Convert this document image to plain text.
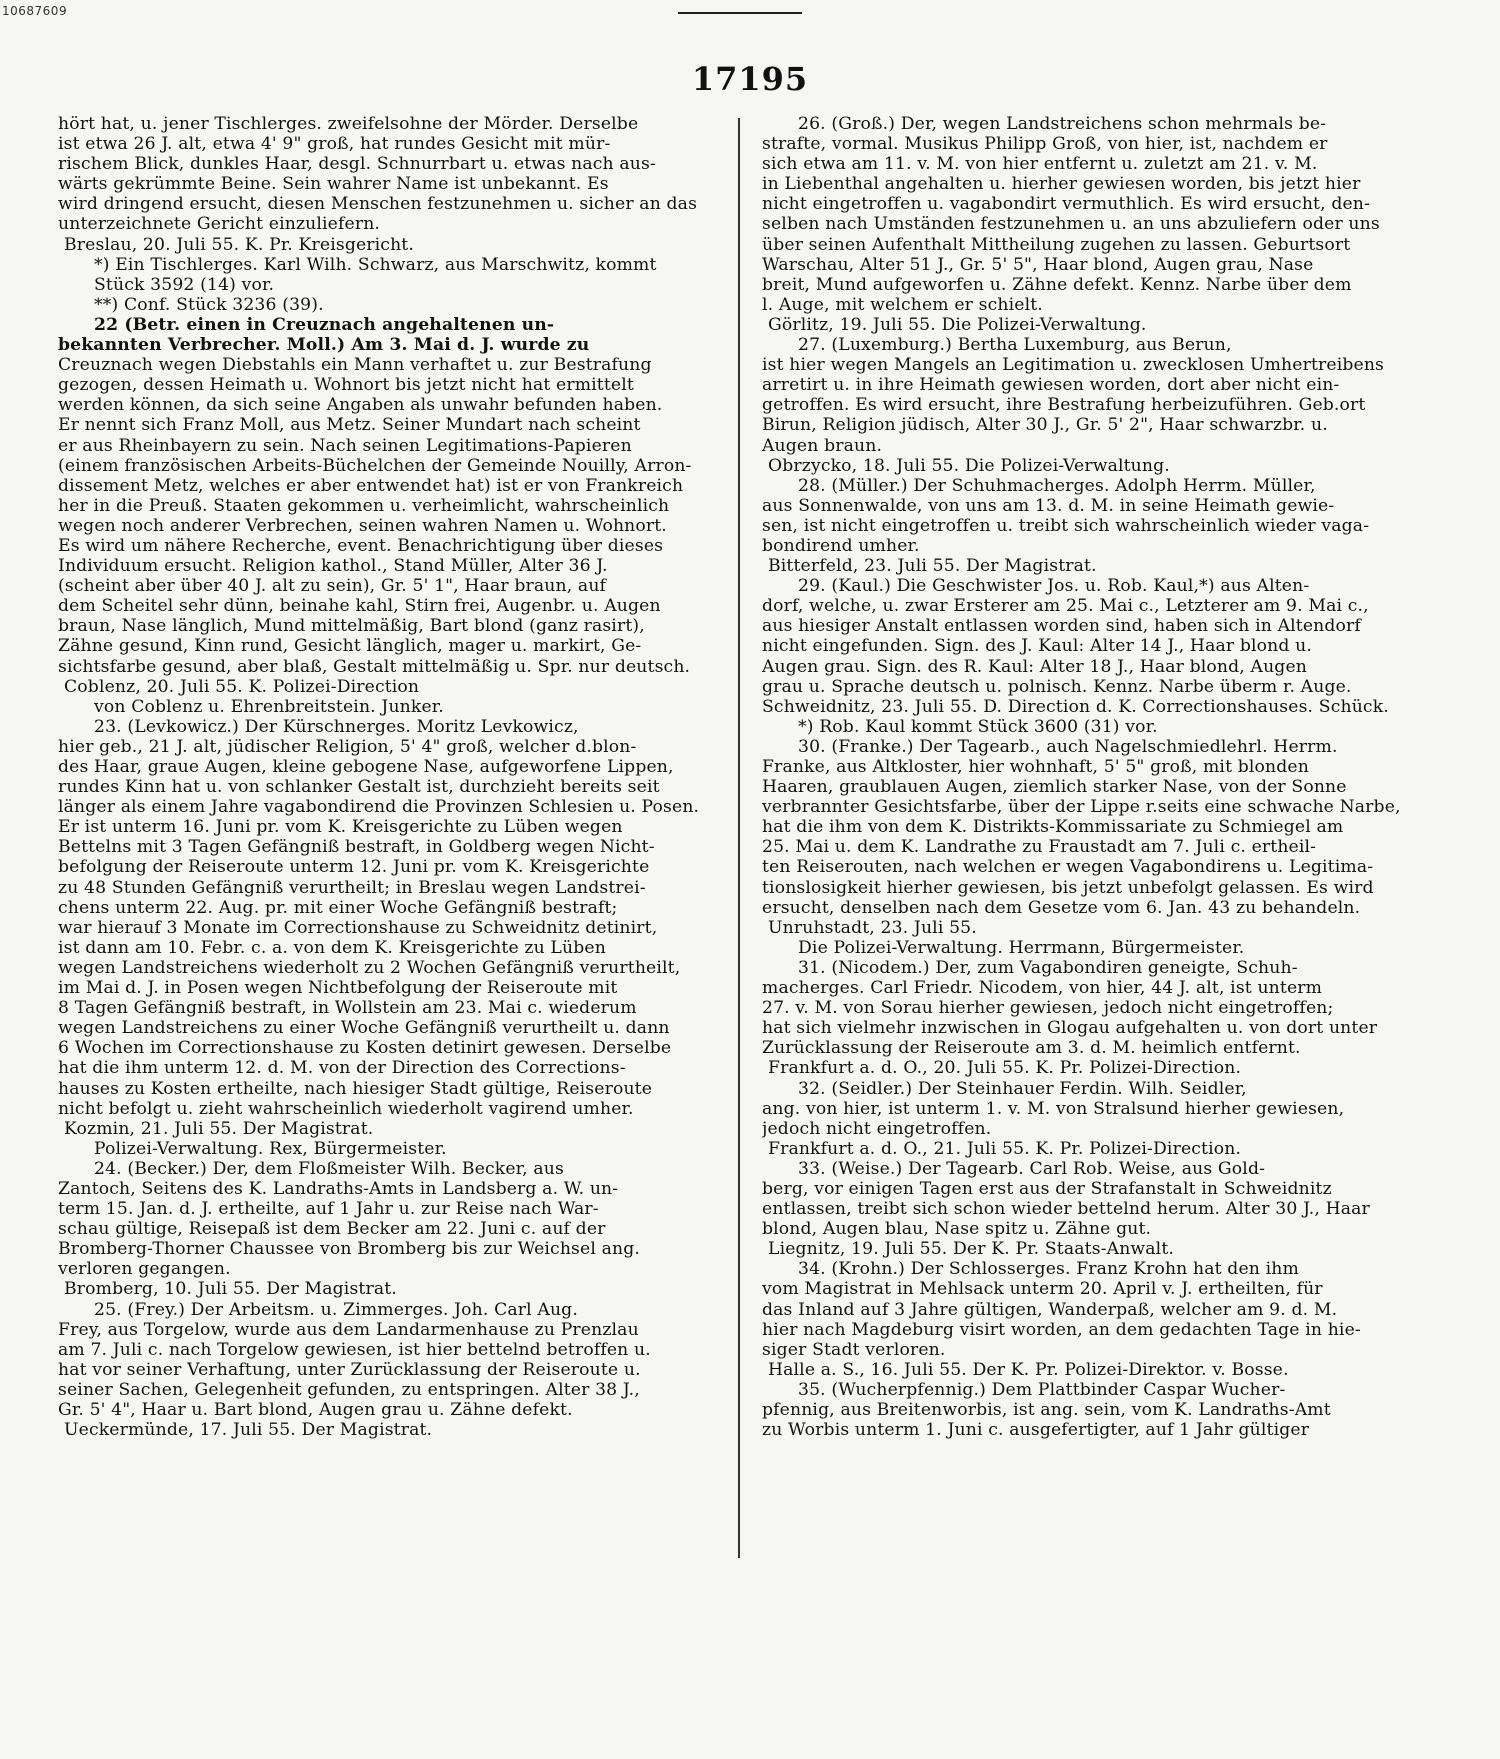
10687609
17195
hört hat, u. jener Tischlerges. zweifelsohne der Mörder. Derselbe
ist etwa 26 J. alt, etwa 4' 9" groß, hat rundes Gesicht mit mür-
rischem Blick, dunkles Haar, desgl. Schnurrbart u. etwas nach aus-
wärts gekrümmte Beine. Sein wahrer Name ist unbekannt. Es
wird dringend ersucht, diesen Menschen festzunehmen u. sicher an das
unterzeichnete Gericht einzuliefern.
Breslau, 20. Juli 55. K. Pr. Kreisgericht.
*) Ein Tischlerges. Karl Wilh. Schwarz, aus Marschwitz, kommt
Stück 3592 (14) vor.
**) Conf. Stück 3236 (39).
22 (Betr. einen in Creuznach angehaltenen un-
bekannten Verbrecher. Moll.) Am 3. Mai d. J. wurde zu
Creuznach wegen Diebstahls ein Mann verhaftet u. zur Bestrafung
gezogen, dessen Heimath u. Wohnort bis jetzt nicht hat ermittelt
werden können, da sich seine Angaben als unwahr befunden haben.
Er nennt sich Franz Moll, aus Metz. Seiner Mundart nach scheint
er aus Rheinbayern zu sein. Nach seinen Legitimations-Papieren
(einem französischen Arbeits-Büchelchen der Gemeinde Nouilly, Arron-
dissement Metz, welches er aber entwendet hat) ist er von Frankreich
her in die Preuß. Staaten gekommen u. verheimlicht, wahrscheinlich
wegen noch anderer Verbrechen, seinen wahren Namen u. Wohnort.
Es wird um nähere Recherche, event. Benachrichtigung über dieses
Individuum ersucht. Religion kathol., Stand Müller, Alter 36 J.
(scheint aber über 40 J. alt zu sein), Gr. 5' 1", Haar braun, auf
dem Scheitel sehr dünn, beinahe kahl, Stirn frei, Augenbr. u. Augen
braun, Nase länglich, Mund mittelmäßig, Bart blond (ganz rasirt),
Zähne gesund, Kinn rund, Gesicht länglich, mager u. markirt, Ge-
sichtsfarbe gesund, aber blaß, Gestalt mittelmäßig u. Spr. nur deutsch.
Coblenz, 20. Juli 55. K. Polizei-Direction
von Coblenz u. Ehrenbreitstein. Junker.
23. (Levkowicz.) Der Kürschnerges. Moritz Levkowicz,
hier geb., 21 J. alt, jüdischer Religion, 5' 4" groß, welcher d.blon-
des Haar, graue Augen, kleine gebogene Nase, aufgeworfene Lippen,
rundes Kinn hat u. von schlanker Gestalt ist, durchzieht bereits seit
länger als einem Jahre vagabondirend die Provinzen Schlesien u. Posen.
Er ist unterm 16. Juni pr. vom K. Kreisgerichte zu Lüben wegen
Bettelns mit 3 Tagen Gefängniß bestraft, in Goldberg wegen Nicht-
befolgung der Reiseroute unterm 12. Juni pr. vom K. Kreisgerichte
zu 48 Stunden Gefängniß verurtheilt; in Breslau wegen Landstrei-
chens unterm 22. Aug. pr. mit einer Woche Gefängniß bestraft;
war hierauf 3 Monate im Correctionshause zu Schweidnitz detinirt,
ist dann am 10. Febr. c. a. von dem K. Kreisgerichte zu Lüben
wegen Landstreichens wiederholt zu 2 Wochen Gefängniß verurtheilt,
im Mai d. J. in Posen wegen Nichtbefolgung der Reiseroute mit
8 Tagen Gefängniß bestraft, in Wollstein am 23. Mai c. wiederum
wegen Landstreichens zu einer Woche Gefängniß verurtheilt u. dann
6 Wochen im Correctionshause zu Kosten detinirt gewesen. Derselbe
hat die ihm unterm 12. d. M. von der Direction des Corrections-
hauses zu Kosten ertheilte, nach hiesiger Stadt gültige, Reiseroute
nicht befolgt u. zieht wahrscheinlich wiederholt vagirend umher.
Kozmin, 21. Juli 55. Der Magistrat.
Polizei-Verwaltung. Rex, Bürgermeister.
24. (Becker.) Der, dem Floßmeister Wilh. Becker, aus
Zantoch, Seitens des K. Landraths-Amts in Landsberg a. W. un-
term 15. Jan. d. J. ertheilte, auf 1 Jahr u. zur Reise nach War-
schau gültige, Reisepaß ist dem Becker am 22. Juni c. auf der
Bromberg-Thorner Chaussee von Bromberg bis zur Weichsel ang.
verloren gegangen.
Bromberg, 10. Juli 55. Der Magistrat.
25. (Frey.) Der Arbeitsm. u. Zimmerges. Joh. Carl Aug.
Frey, aus Torgelow, wurde aus dem Landarmenhause zu Prenzlau
am 7. Juli c. nach Torgelow gewiesen, ist hier bettelnd betroffen u.
hat vor seiner Verhaftung, unter Zurücklassung der Reiseroute u.
seiner Sachen, Gelegenheit gefunden, zu entspringen. Alter 38 J.,
Gr. 5' 4", Haar u. Bart blond, Augen grau u. Zähne defekt.
Ueckermünde, 17. Juli 55. Der Magistrat.
26. (Groß.) Der, wegen Landstreichens schon mehrmals be-
strafte, vormal. Musikus Philipp Groß, von hier, ist, nachdem er
sich etwa am 11. v. M. von hier entfernt u. zuletzt am 21. v. M.
in Liebenthal angehalten u. hierher gewiesen worden, bis jetzt hier
nicht eingetroffen u. vagabondirt vermuthlich. Es wird ersucht, den-
selben nach Umständen festzunehmen u. an uns abzuliefern oder uns
über seinen Aufenthalt Mittheilung zugehen zu lassen. Geburtsort
Warschau, Alter 51 J., Gr. 5' 5", Haar blond, Augen grau, Nase
breit, Mund aufgeworfen u. Zähne defekt. Kennz. Narbe über dem
l. Auge, mit welchem er schielt.
Görlitz, 19. Juli 55. Die Polizei-Verwaltung.
27. (Luxemburg.) Bertha Luxemburg, aus Berun,
ist hier wegen Mangels an Legitimation u. zwecklosen Umhertreibens
arretirt u. in ihre Heimath gewiesen worden, dort aber nicht ein-
getroffen. Es wird ersucht, ihre Bestrafung herbeizuführen. Geb.ort
Birun, Religion jüdisch, Alter 30 J., Gr. 5' 2", Haar schwarzbr. u.
Augen braun.
Obrzycko, 18. Juli 55. Die Polizei-Verwaltung.
28. (Müller.) Der Schuhmacherges. Adolph Herrm. Müller,
aus Sonnenwalde, von uns am 13. d. M. in seine Heimath gewie-
sen, ist nicht eingetroffen u. treibt sich wahrscheinlich wieder vaga-
bondirend umher.
Bitterfeld, 23. Juli 55. Der Magistrat.
29. (Kaul.) Die Geschwister Jos. u. Rob. Kaul,*) aus Alten-
dorf, welche, u. zwar Ersterer am 25. Mai c., Letzterer am 9. Mai c.,
aus hiesiger Anstalt entlassen worden sind, haben sich in Altendorf
nicht eingefunden. Sign. des J. Kaul: Alter 14 J., Haar blond u.
Augen grau. Sign. des R. Kaul: Alter 18 J., Haar blond, Augen
grau u. Sprache deutsch u. polnisch. Kennz. Narbe überm r. Auge.
Schweidnitz, 23. Juli 55. D. Direction d. K. Correctionshauses. Schück.
*) Rob. Kaul kommt Stück 3600 (31) vor.
30. (Franke.) Der Tagearb., auch Nagelschmiedlehrl. Herrm.
Franke, aus Altkloster, hier wohnhaft, 5' 5" groß, mit blonden
Haaren, graublauen Augen, ziemlich starker Nase, von der Sonne
verbrannter Gesichtsfarbe, über der Lippe r.seits eine schwache Narbe,
hat die ihm von dem K. Distrikts-Kommissariate zu Schmiegel am
25. Mai u. dem K. Landrathe zu Fraustadt am 7. Juli c. ertheil-
ten Reiserouten, nach welchen er wegen Vagabondirens u. Legitima-
tionslosigkeit hierher gewiesen, bis jetzt unbefolgt gelassen. Es wird
ersucht, denselben nach dem Gesetze vom 6. Jan. 43 zu behandeln.
Unruhstadt, 23. Juli 55.
Die Polizei-Verwaltung. Herrmann, Bürgermeister.
31. (Nicodem.) Der, zum Vagabondiren geneigte, Schuh-
macherges. Carl Friedr. Nicodem, von hier, 44 J. alt, ist unterm
27. v. M. von Sorau hierher gewiesen, jedoch nicht eingetroffen;
hat sich vielmehr inzwischen in Glogau aufgehalten u. von dort unter
Zurücklassung der Reiseroute am 3. d. M. heimlich entfernt.
Frankfurt a. d. O., 20. Juli 55. K. Pr. Polizei-Direction.
32. (Seidler.) Der Steinhauer Ferdin. Wilh. Seidler,
ang. von hier, ist unterm 1. v. M. von Stralsund hierher gewiesen,
jedoch nicht eingetroffen.
Frankfurt a. d. O., 21. Juli 55. K. Pr. Polizei-Direction.
33. (Weise.) Der Tagearb. Carl Rob. Weise, aus Gold-
berg, vor einigen Tagen erst aus der Strafanstalt in Schweidnitz
entlassen, treibt sich schon wieder bettelnd herum. Alter 30 J., Haar
blond, Augen blau, Nase spitz u. Zähne gut.
Liegnitz, 19. Juli 55. Der K. Pr. Staats-Anwalt.
34. (Krohn.) Der Schlosserges. Franz Krohn hat den ihm
vom Magistrat in Mehlsack unterm 20. April v. J. ertheilten, für
das Inland auf 3 Jahre gültigen, Wanderpaß, welcher am 9. d. M.
hier nach Magdeburg visirt worden, an dem gedachten Tage in hie-
siger Stadt verloren.
Halle a. S., 16. Juli 55. Der K. Pr. Polizei-Direktor. v. Bosse.
35. (Wucherpfennig.) Dem Plattbinder Caspar Wucher-
pfennig, aus Breitenworbis, ist ang. sein, vom K. Landraths-Amt
zu Worbis unterm 1. Juni c. ausgefertigter, auf 1 Jahr gültiger
